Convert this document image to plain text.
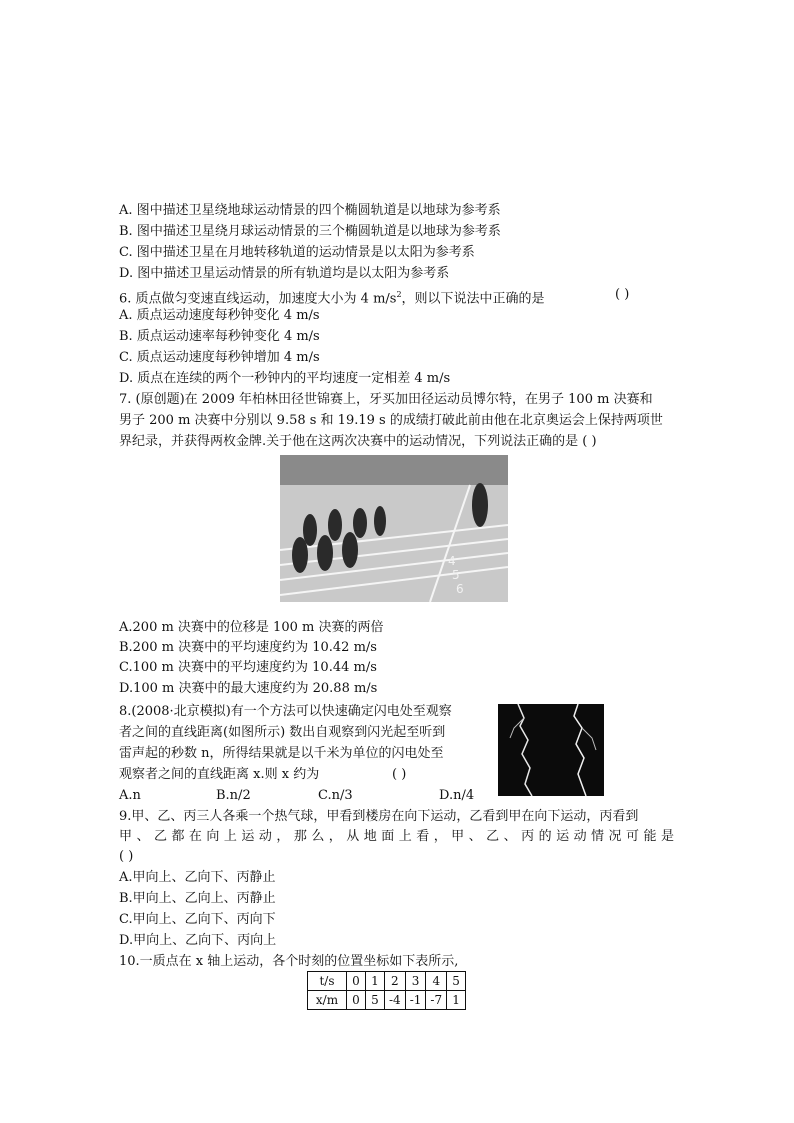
A. 图中描述卫星绕地球运动情景的四个椭圆轨道是以地球为参考系
B. 图中描述卫星绕月球运动情景的三个椭圆轨道是以地球为参考系
C. 图中描述卫星在月地转移轨道的运动情景是以太阳为参考系
D. 图中描述卫星运动情景的所有轨道均是以太阳为参考系
6. 质点做匀变速直线运动，加速度大小为 4 $m/s^2$，则以下说法中正确的是	( )
A. 质点运动速度每秒钟变化 4 m/s
B. 质点运动速率每秒钟变化 4 m/s
C. 质点运动速度每秒钟增加 4 m/s
D. 质点在连续的两个一秒钟内的平均速度一定相差 4 m/s
7. (原创题)在 2009 年柏林田径世锦赛上，牙买加田径运动员博尔特，在男子 100 m 决赛和
男子 200 m 决赛中分别以 9.58 s 和 19.19 s 的成绩打破此前由他在北京奥运会上保持两项世
界纪录，并获得两枚金牌.关于他在这两次决赛中的运动情况，下列说法正确的是 ( )
4
5
6
A.200 m 决赛中的位移是 100 m 决赛的两倍
B.200 m 决赛中的平均速度约为 10.42 m/s
C.100 m 决赛中的平均速度约为 10.44 m/s
D.100 m 决赛中的最大速度约为 20.88 m/s
8.(2008·北京模拟)有一个方法可以快速确定闪电处至观察
者之间的直线距离(如图所示) 数出自观察到闪光起至听到
雷声起的秒数 n，所得结果就是以千米为单位的闪电处至
观察者之间的直线距离 x.则 x 约为	( )
A.n	B.n/2	C.n/3	D.n/4
9.甲、乙、丙三人各乘一个热气球，甲看到楼房在向下运动，乙看到甲在向下运动，丙看到
甲、乙都在向上运动，那么，从地面上看，甲、乙、丙的运动情况可能是
( )
A.甲向上、乙向下、丙静止
B.甲向上、乙向上、丙静止
C.甲向上、乙向下、丙向下
D.甲向上、乙向下、丙向上
10.一质点在 x 轴上运动，各个时刻的位置坐标如下表所示,
t/s	0	1	2	3	4	5
x/m	0	5	-4	-1	-7	1
